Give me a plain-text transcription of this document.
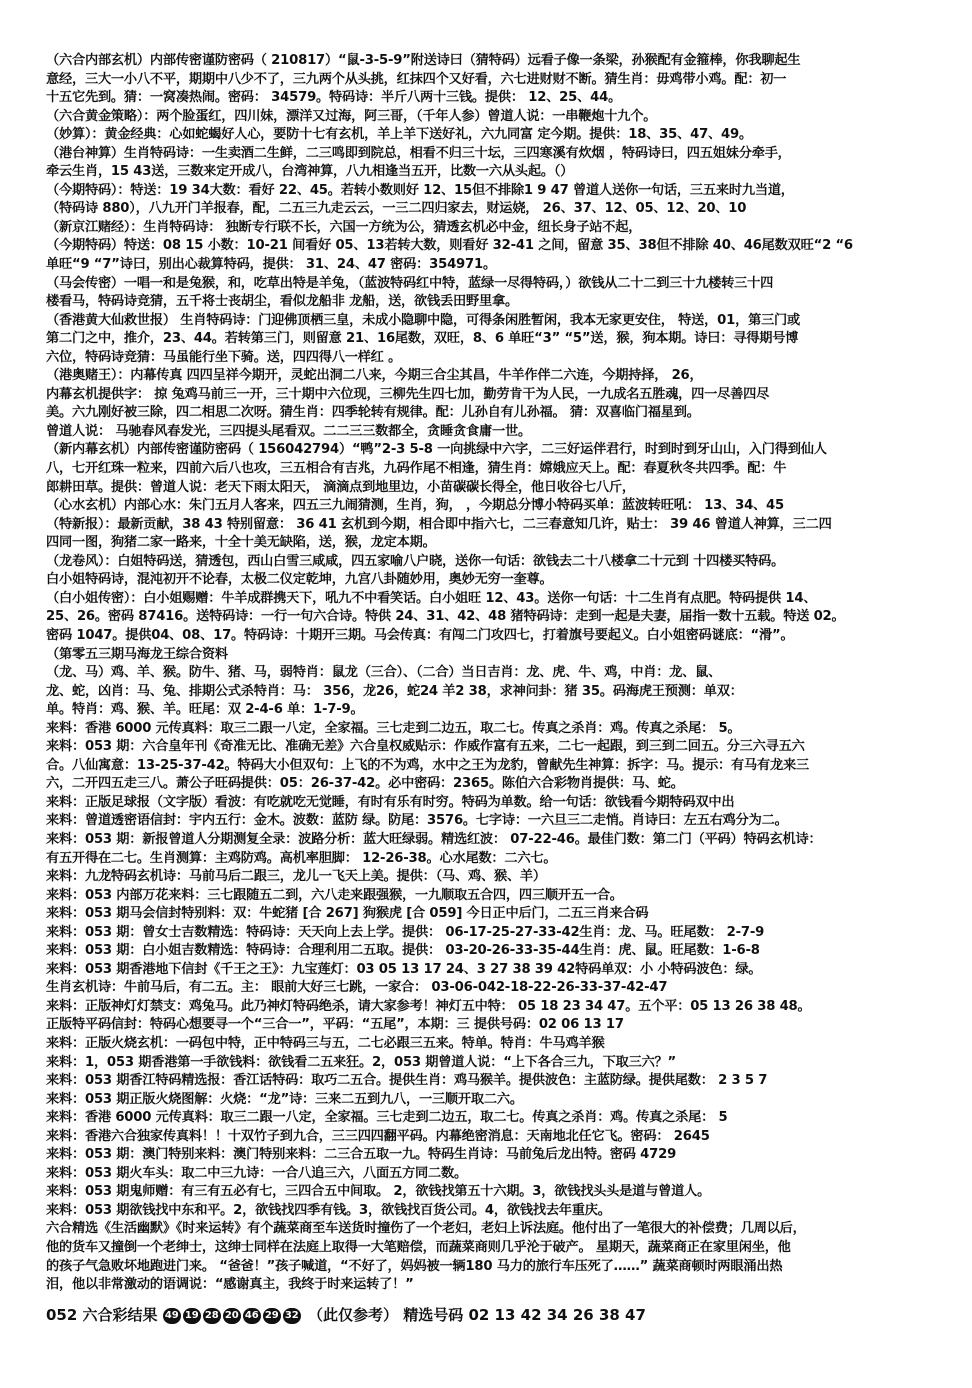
（六合内部玄机）内部传密谨防密码（ 210817）“鼠-3-5-9”附送诗曰（猜特码）远看子像一条梁，孙猴配有金箍棒，你我聊起生
意经，三大一小八不平，期期中八少不了，三九两个从头挑，红抹四个又好看，六七进财财不断。猜生肖：毋鸡带小鸡。配：初一
十五它先到。猜：一窝凑热闹。密码： 34579。特码诗：半斤八两十三钱。提供： 12、25、44。
（六合黄金策略）：两个脸蛋红，四川妹，漂洋又过海，阿三哥，（千年人参）曾道人说：一串鞭炮十九个。
（妙算）：黄金经典：心如蛇蝎好人心，要防十七有玄机，羊上羊下送好礼，六九同富 定今期。提供：18、35、47、49。
（港台神算）生肖特码诗：一生卖酒二生鲜，二三鸣即到院总，相看不归三十坛，三四寒溪有炊烟 ，特码诗曰，四五姐妹分牵手，
牵云生肖，15 43送，三数来定开成八，台湾神算，八九相逢当五开，比数一六从头起。（）
（今期特码）：特送：19 34大数：看好 22、45。若转小数则好 12、15但不排除1 9 47 曾道人送你一句话，三五来时九当道，
（特码诗 880），八九开门羊报春，配，二五三九走云云，一三二四归家去，财运娆， 26、37、12、05、12、20、10
（新京江赌经）：生肖特码诗： 独断专行联不长，六国一方统为公，猜透玄机必中金，纽长身子站不起，
（今期特码）特送：08 15 小数：10-21 间看好 05、13若转大数，则看好 32-41 之间，留意 35、38但不排除 40、46尾数双旺“2 “6
单旺“9 “7”诗曰，别出心裁算特码，提供： 31、24、47 密码：354971。
（马会传密）一唱一和是兔猴，和，吃草出特是羊兔，（蓝波特码红中特，蓝绿一尽得特码，）欲钱从二十二到三十九楼转三十四
楼看马，特码诗竞猜，五千将士丧胡尘，看似龙船非 龙船，送，欲钱丢田野里拿。
（香港黄大仙救世报） 生肖特码诗：门迎佛顶栖三皇，未成小隐聊中隐，可得条闲胜暂闲，我本无家更安住， 特送，01，第三门或
第二门之中，推介，23、44。若转第三门，则留意 21、16尾数，双旺，8、6 单旺“3” “5”送，猴，狗本期。诗曰：寻得期号博
六位，特码诗竞猜：马虽能行坐下骑。送，四四得八一样红 。
（港奥赌王）：内幕传真 四四呈祥今期开，灵蛇出洞二八来，今期三合尘其昌，牛羊作伴二六连，今期持择， 26，
内幕玄机提供字： 掠 兔鸡马前三一开，三十期中六位现，三柳先生四七加，勤劳肯干为人民，一九成名五胜魂，四一尽善四尽
美。六九刚好被三除，四二相思二次呀。猜生肖：四季轮转有规律。配：儿孙自有儿孙福。 猜：双喜临门福星到。
曾道人说： 马驰春风春发光，三四提头尾看双。二二三三数都全，贪睡贪食庸一世。
（新内幕玄机）内部传密谨防密码（ 156042794）“鸭”2-3 5-8 一向挑绿中六字，二三好运伴君行，时到时到牙山山，入门得到仙人
八，七开红珠一粒来，四前六后八也攻，三五相合有吉兆，九码作尾不相逢，猜生肖：嫦娥应天上。配：春夏秋冬共四季。配：牛
郎耕田草。提供：曾道人说：老天下雨太阳天， 滴滴点到地里边，小苗碳碳长得全，他日收谷七八斤，
（心水玄机）内部心水：朱门五月人客来，四五三九闹猜测，生肖，狗， ，今期总分博小特码买单：蓝波转旺吼： 13、34、45
（特新报）：最新贡献，38 43 特别留意： 36 41 玄机到今期，相合即中指六七，二三春意知几许，贴士： 39 46 曾道人神算，三二四
四同一图，狗猪二家一路来，十全十美无缺陷，送，猴，龙定本期。
（龙卷风）：白姐特码送，猜透包，西山白雪三咸咸，四五家喻八户晓，送你一句话：欲钱去二十八楼拿二十元到 十四楼买特码。
白小姐特码诗，混沌初开不论春，太极二仪定乾坤，九宫八卦随妙用，奥妙无穷一奎尊。
（白小姐传密）：白小姐赐赠：牛羊成群携天下，吼九不中看笑话。白小姐旺 12、43。送你一句话：十二生肖有点肥。特码提供 14、
25、26。密码 87416。送特码诗：一行一句六合诗。特供 24、31、42、48 猪特码诗：走到一起是夫妻，届指一数十五载。特送 02。
密码 1047。提供04、08、17。特码诗：十期开三期。马会传真：有闯二门攻四七，打着旗号要起义。白小姐密码谜底：“滑”。
（第零五三期马海龙王综合资料
（龙、马）鸡、羊、猴。防牛、猪、马，弱特肖：鼠龙（三合）、（二合）当日吉肖：龙、虎、牛、鸡，中肖：龙、鼠、
龙、蛇，凶肖：马、兔、排期公式杀特肖：马： 356，龙26，蛇24 羊2 38，求神问卦：猪 35。码海虎王预测：单双：
单。特肖：鸡、猴、羊。旺尾：双 2-4-6 单：1-7-9。
来料：香港 6000 元传真料：取三二跟一八定，全家福。三七走到二边五，取二七。传真之杀肖：鸡。传真之杀尾： 5。
来料：053 期：六合皇年刊《奇准无比、准确无差》六合皇权威贴示：作威作富有五来，二七一起跟，到三到二回五。分三六寻五六
合。八仙寓意：13-25-37-42。特码大小但双句：上飞的不为鸡，水中之王为龙豹，曾献先生神算：拆字：马。提示：有马有龙来三
六，二开四五走三八。萧公子旺码提供：05：26-37-42。必中密码：2365。陈伯六合彩物肖提供：马、蛇。
来料：正版足球报（文字版）看波：有吃就吃无觉睡，有时有乐有时穷。特码为单数。给一句话：欲钱看今期特码双中出
来料：曾道透密语信封：宇内五行：金木。波数：蓝防 绿。防尾：3576。七字诗：一六旦三二走悄。肖诗曰：左五右鸡分为二。
来料：053 期：新报曾道人分期测复全录：波路分析：蓝大旺绿弱。精选红波： 07-22-46。最佳门数：第二门（平码）特码玄机诗：
有五开得在二七。生肖测算：主鸡防鸡。高机率胆脚： 12-26-38。心水尾数：二六七。
来料：九龙特码玄机诗：马前马后二跟三，龙儿一飞天上美。提供：（马、鸡、猴、羊）
来料：053 内部万花来料：三七跟随五二到，六八走来跟强猴，一九顺取五合四，四三顺开五一合。
来料：053 期马会信封特别料：双：牛蛇猪 [合 267] 狗猴虎 [合 059] 今日正中后门，二五三肖来合码
来料：053 期：曾女士吉数精选：特码诗：天天向上去上学。提供： 06-17-25-27-33-42生肖：龙、马。旺尾数： 2-7-9
来料：053 期：白小姐吉数精选：特码诗：合理利用二五取。提供： 03-20-26-33-35-44生肖：虎、鼠。旺尾数：1-6-8
来料：053 期香港地下信封《千王之王》：九宝莲灯：03 05 13 17 24、3 27 38 39 42特码单双：小 小特码波色：绿。
生肖玄机诗：牛前马后，有二五。主： 眼前大好三七跳，一家合： 03-06-042-18-22-26-33-37-42-47
来料：正版神灯灯禁支：鸡兔马。此乃神灯特码绝杀，请大家参考！神灯五中特： 05 18 23 34 47。五个平：05 13 26 38 48。
正版特平码信封：特码心想要寻一个“三合一”，平码：“五尾”，本期：三 提供号码：02 06 13 17
来料：正版火烧玄机：一码包中特，正中特码三与五，二七必跟三五来。特单。特肖：牛马鸡羊猴
来料：1，053 期香港第一手欲钱料：欲钱看二五来狂。2，053 期曾道人说：“上下各合三九，下取三六？”
来料：053 期香江特码精选报：香江话特码：取巧二五合。提供生肖：鸡马猴羊。提供波色：主蓝防绿。提供尾数： 2 3 5 7
来料：053 期正版火烧图解：火烧：“龙”诗：三来二五到九八，一三顺开取二六。
来料：香港 6000 元传真料：取三二跟一八定，全家福。三七走到二边五，取二七。传真之杀肖：鸡。传真之杀尾： 5
来料：香港六合独家传真料！！十双竹子到九合，三三四四翻平码。内幕绝密消息：天南地北任它飞。密码： 2645
来料：053 期：澳门特别来料：澳门特别来料：二三合五取一九。特码生肖诗：马前兔后龙出特。密码 4729
来料：053 期火车头：取二中三九诗：一合八追三六，八面五方同二数。
来料：053 期鬼师赠：有三有五必有七，三四合五中间取。 2，欲钱找第五十六期。3，欲钱找头头是道与曾道人。
来料：053 期欲钱找中东和平。2，欲钱找四季有钱。3，欲钱找百货公司。4，欲钱找去年重庆。
六合精选《生活幽默》《时来运转》有个蔬菜商至车送货时撞伤了一个老妇，老妇上诉法庭。他付出了一笔很大的补偿费；几周以后，
他的货车又撞倒一个老绅士，这绅士同样在法庭上取得一大笔赔偿，而蔬菜商则几乎沦于破产。 星期天，蔬菜商正在家里闲坐，他
的孩子气急败坏地跑进门来。 “爸爸！”孩子喊道，“不好了，妈妈被一辆180 马力的旅行车压死了……” 蔬菜商顿时两眼涌出热
泪，他以非常激动的语调说：“感谢真主，我终于时来运转了！”
052 六合彩结果 49 19 28 20 46 29 32 （此仅参考） 精选号码 02 13 42 34 26 38 47
